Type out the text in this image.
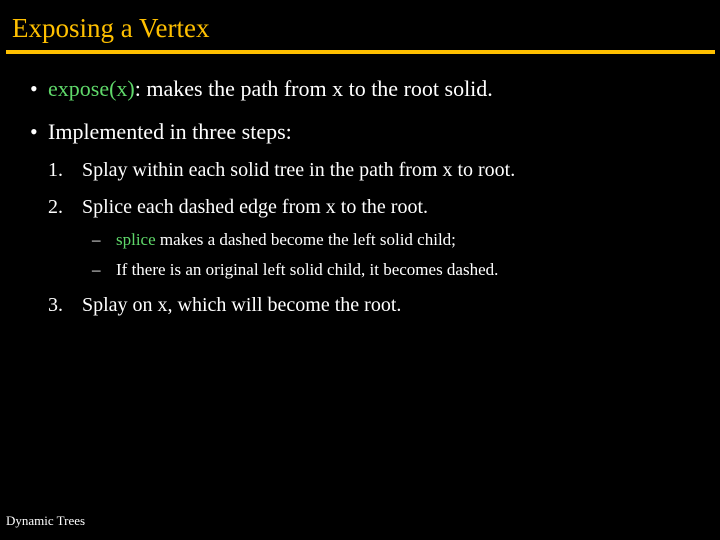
Exposing a Vertex
• expose(x): makes the path from x to the root solid.
• Implemented in three steps:
1. Splay within each solid tree in the path from x to root.
2. Splice each dashed edge from x to the root.
– splice makes a dashed become the left solid child;
– If there is an original left solid child, it becomes dashed.
3. Splay on x, which will become the root.
Dynamic Trees
